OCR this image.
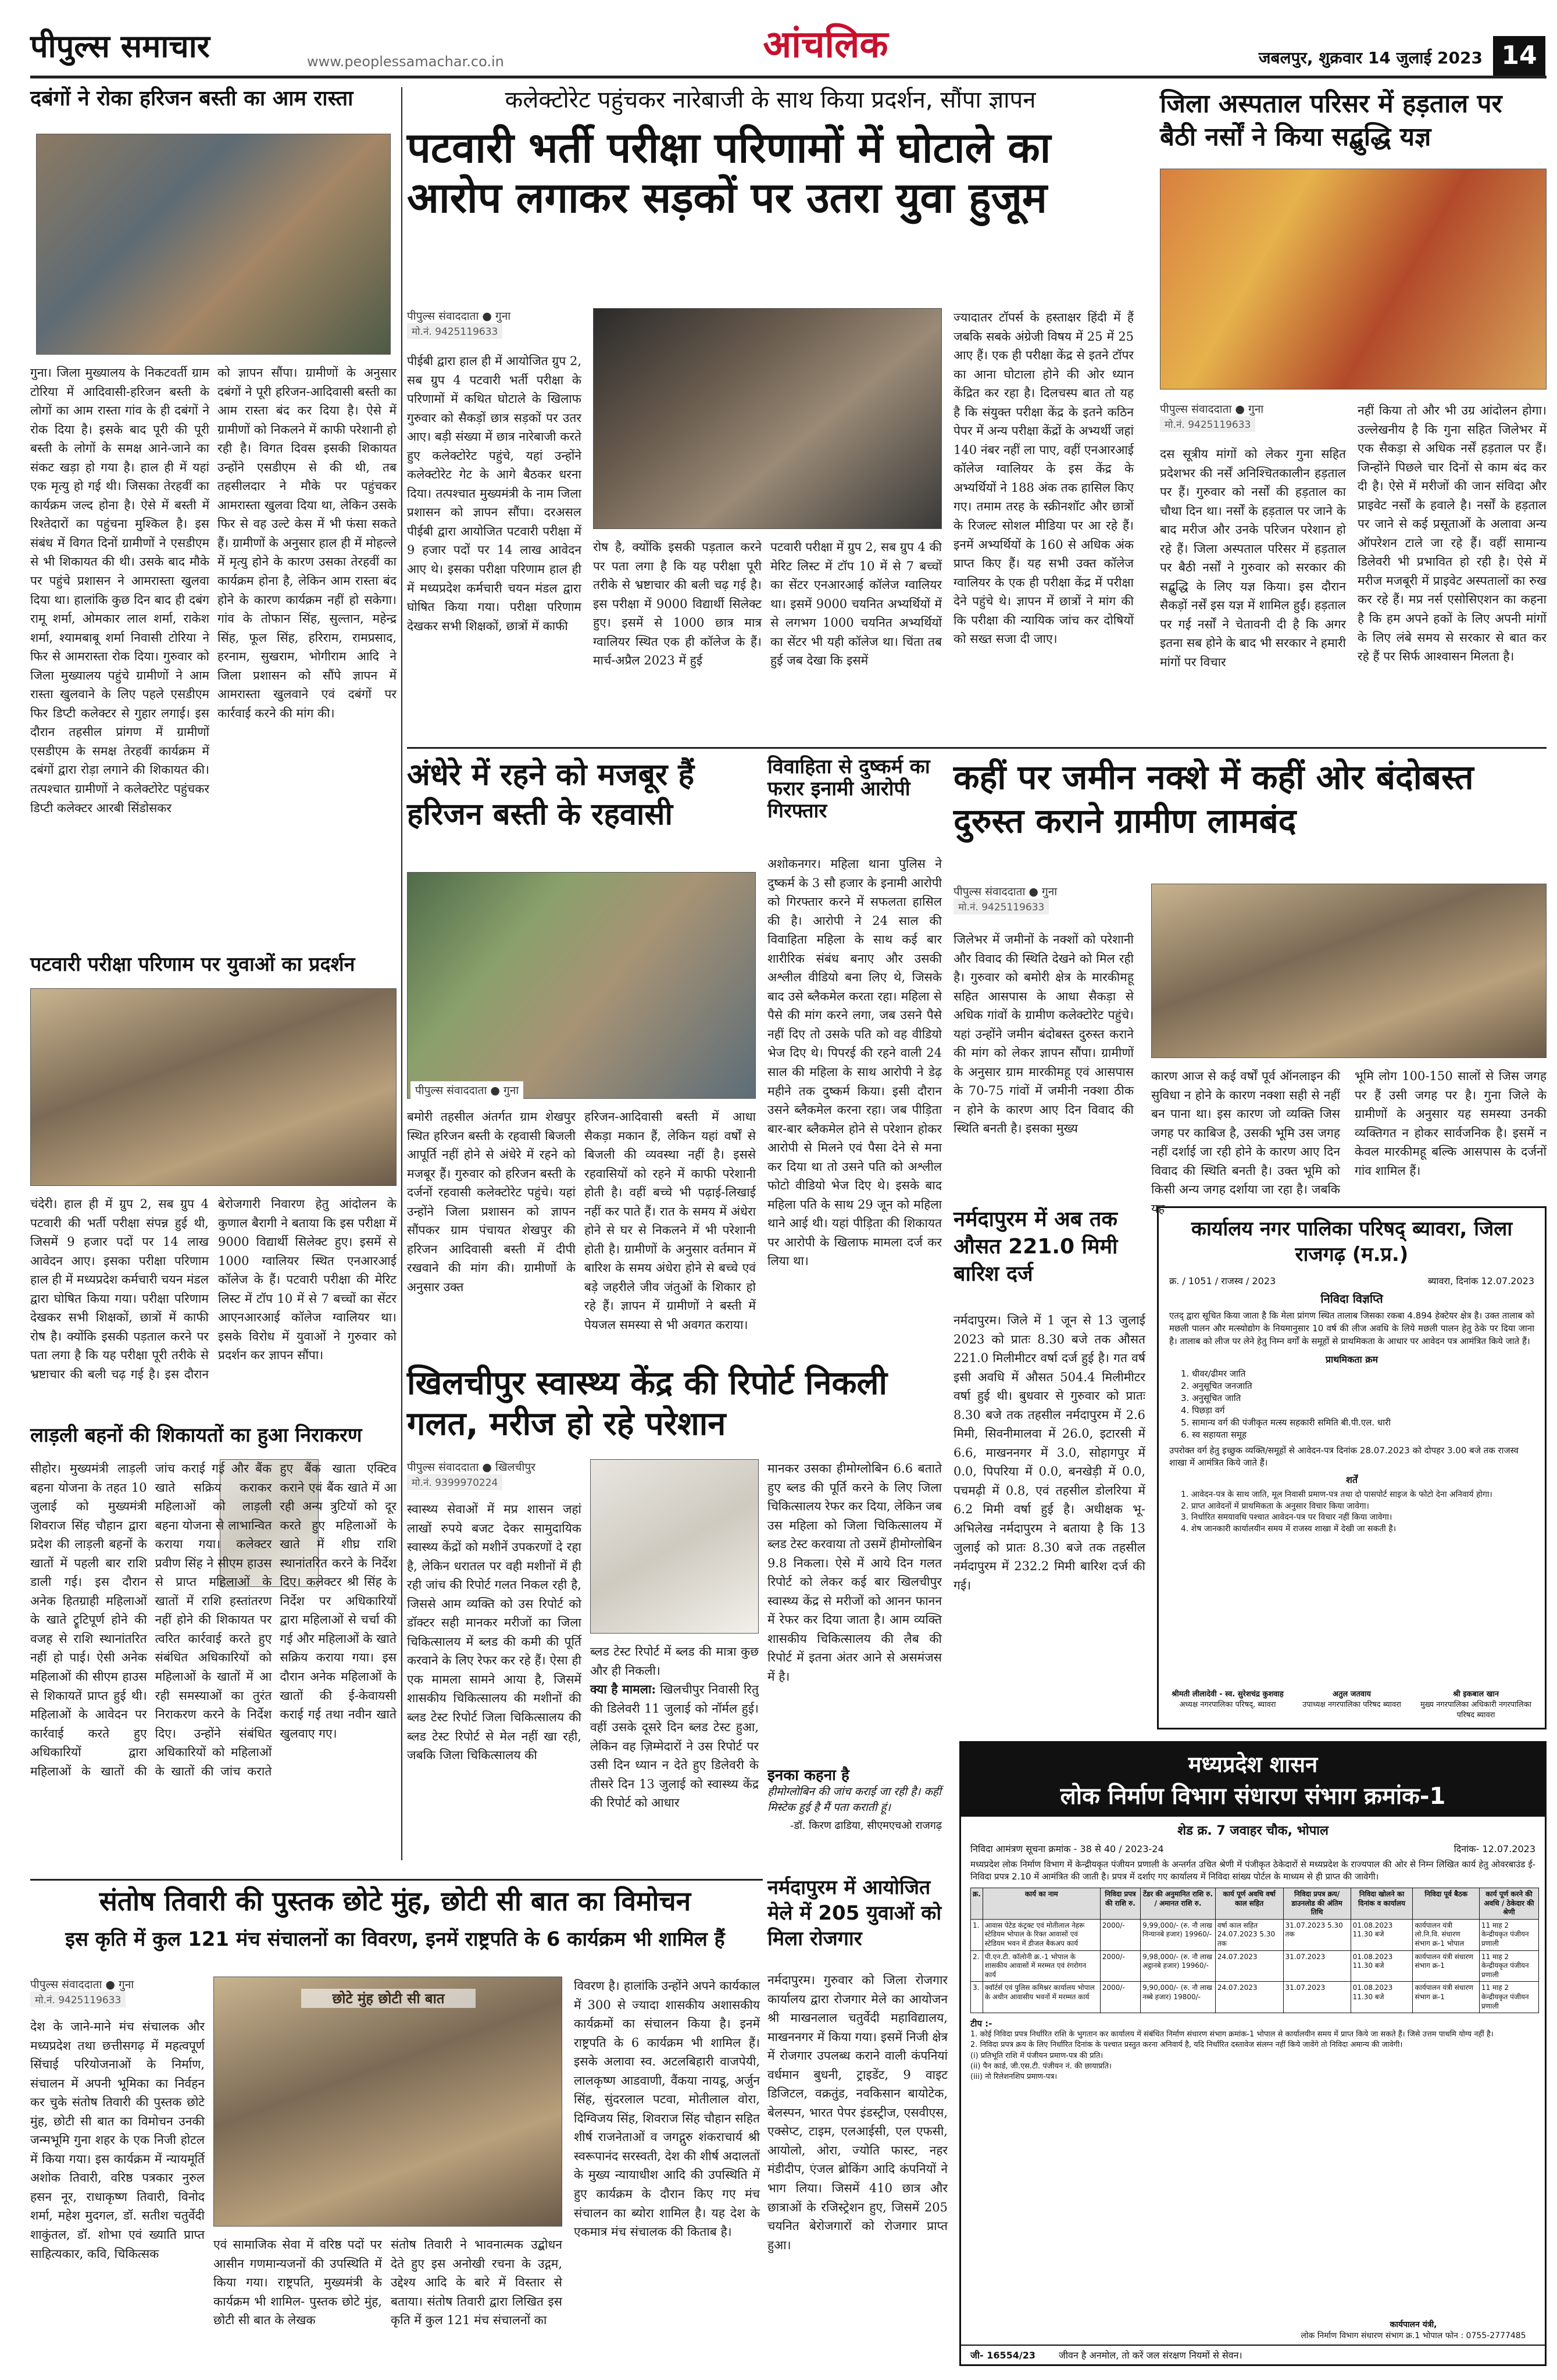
पीपुल्स समाचार	www.peoplessamachar.co.in	आंचलिक	जबलपुर, शुक्रवार 14 जुलाई 2023 14
दबंगों ने रोका हरिजन बस्ती का आम रास्ता
गुना। जिला मुख्यालय के निकटवर्ती ग्राम टोरिया में आदिवासी-हरिजन बस्ती के लोगों का आम रास्ता गांव के ही दबंगों ने रोक दिया है। इसके बाद पूरी की पूरी बस्ती के लोगों के समक्ष आने-जाने का संकट खड़ा हो गया है। हाल ही में यहां एक मृत्यु हो गई थी। जिसका तेरहवीं का कार्यक्रम जल्द होना है। ऐसे में बस्ती में रिश्तेदारों का पहुंचना मुश्किल है। इस संबंध में विगत दिनों ग्रामीणों ने एसडीएम से भी शिकायत की थी। उसके बाद मौके पर पहुंचे प्रशासन ने आमरास्ता खुलवा दिया था। हालांकि कुछ दिन बाद ही दबंग रामू शर्मा, ओमकार लाल शर्मा, राकेश शर्मा, श्यामबाबू शर्मा निवासी टोरिया ने फिर से आमरास्ता रोक दिया। गुरुवार को जिला मुख्यालय पहुंचे ग्रामीणों ने आम रास्ता खुलवाने के लिए पहले एसडीएम फिर डिप्टी कलेक्टर से गुहार लगाई। इस दौरान तहसील प्रांगण में ग्रामीणों एसडीएम के समक्ष तेरहवीं कार्यक्रम में दबंगों द्वारा रोड़ा लगाने की शिकायत की। तत्पश्चात ग्रामीणों ने कलेक्टोरेट पहुंचकर डिप्टी कलेक्टर आरबी सिंडोसकर
को ज्ञापन सौंपा। ग्रामीणों के अनुसार दबंगों ने पूरी हरिजन-आदिवासी बस्ती का आम रास्ता बंद कर दिया है। ऐसे में ग्रामीणों को निकलने में काफी परेशानी हो रही है। विगत दिवस इसकी शिकायत उन्होंने एसडीएम से की थी, तब तहसीलदार ने मौके पर पहुंचकर आमरास्ता खुलवा दिया था, लेकिन उसके फिर से वह उल्टे केस में भी फंसा सकते हैं। ग्रामीणों के अनुसार हाल ही में मोहल्ले में मृत्यु होने के कारण उसका तेरहवीं का कार्यक्रम होना है, लेकिन आम रास्ता बंद होने के कारण कार्यक्रम नहीं हो सकेगा। गांव के तोफान सिंह, सुल्तान, महेन्द्र सिंह, फूल सिंह, हरिराम, रामप्रसाद, हरनाम, सुखराम, भोगीराम आदि ने जिला प्रशासन को सौंपे ज्ञापन में आमरास्ता खुलवाने एवं दबंगों पर कार्रवाई करने की मांग की।
पटवारी परीक्षा परिणाम पर युवाओं का प्रदर्शन
चंदेरी। हाल ही में ग्रुप 2, सब ग्रुप 4 पटवारी की भर्ती परीक्षा संपन्न हुई थी, जिसमें 9 हजार पदों पर 14 लाख आवेदन आए। इसका परीक्षा परिणाम हाल ही में मध्यप्रदेश कर्मचारी चयन मंडल द्वारा घोषित किया गया। परीक्षा परिणाम देखकर सभी शिक्षकों, छात्रों में काफी रोष है। क्योंकि इसकी पड़ताल करने पर पता लगा है कि यह परीक्षा पूरी तरीके से भ्रष्टाचार की बली चढ़ गई है। इस दौरान बेरोजगारी निवारण हेतु आंदोलन के कुणाल बैरागी ने बताया कि इस परीक्षा में 9000 विद्यार्थी सिलेक्ट हुए। इसमें से 1000 ग्वालियर स्थित एनआरआई कॉलेज के हैं। पटवारी परीक्षा की मेरिट लिस्ट में टॉप 10 में से 7 बच्चों का सेंटर आएनआरआई कॉलेज ग्वालियर था। इसके विरोध में युवाओं ने गुरुवार को प्रदर्शन कर ज्ञापन सौंपा।
लाड़ली बहनों की शिकायतों का हुआ निराकरण
सीहोर। मुख्यमंत्री लाड़ली बहना योजना के तहत 10 जुलाई को मुख्यमंत्री शिवराज सिंह चौहान द्वारा प्रदेश की लाड़ली बहनों के खातों में पहली बार राशि डाली गई। इस दौरान अनेक हितग्राही महिलाओं के खाते ट्रूटिपूर्ण होने की वजह से राशि स्थानांतरित नहीं हो पाई। ऐसी अनेक महिलाओं की सीएम हाउस से शिकायतें प्राप्त हुई थी। महिलाओं के आवेदन पर कार्रवाई करते हुए अधिकारियों द्वारा महिलाओं के खातों की जांच कराई गई और बैंक खाते सक्रिय कराकर महिलाओं को लाड़ली बहना योजना से लाभान्वित कराया गया। कलेक्टर प्रवीण सिंह ने सीएम हाउस से प्राप्त महिलाओं के खातों में राशि हस्तांतरण नहीं होने की शिकायत पर त्वरित कार्रवाई करते हुए संबंधित अधिकारियों को महिलाओं के खातों में आ रही समस्याओं का तुरंत निराकरण करने के निर्देश दिए। उन्होंने संबंधित अधिकारियों को महिलाओं के खातों की जांच कराते हुए बैंक खाता एक्टिव कराने एवं बैंक खाते में आ रही अन्य त्रुटियों को दूर करते हुए महिलाओं के खाते में शीघ्र राशि स्थानांतरित करने के निर्देश दिए। कलेक्टर श्री सिंह के निर्देश पर अधिकारियों द्वारा महिलाओं से चर्चा की गई और महिलाओं के खाते सक्रिय कराया गया। इस दौरान अनेक महिलाओं के खातों की ई-केवायसी कराई गई तथा नवीन खाते खुलवाए गए।
कलेक्टोरेट पहुंचकर नारेबाजी के साथ किया प्रदर्शन, सौंपा ज्ञापन
पटवारी भर्ती परीक्षा परिणामों में घोटाले का आरोप लगाकर सड़कों पर उतरा युवा हुजूम
पीपुल्स संवाददाता ● गुना
मो.नं. 9425119633
पीईबी द्वारा हाल ही में आयोजित ग्रुप 2, सब ग्रुप 4 पटवारी भर्ती परीक्षा के परिणामों में कथित घोटाले के खिलाफ गुरुवार को सैकड़ों छात्र सड़कों पर उतर आए। बड़ी संख्या में छात्र नारेबाजी करते हुए कलेक्टोरेट पहुंचे, यहां उन्होंने कलेक्टोरेट गेट के आगे बैठकर धरना दिया। तत्पश्चात मुख्यमंत्री के नाम जिला प्रशासन को ज्ञापन सौंपा। दरअसल पीईबी द्वारा आयोजित पटवारी परीक्षा में 9 हजार पदों पर 14 लाख आवेदन आए थे। इसका परीक्षा परिणाम हाल ही में मध्यप्रदेश कर्मचारी चयन मंडल द्वारा घोषित किया गया। परीक्षा परिणाम देखकर सभी शिक्षकों, छात्रों में काफी
रोष है, क्योंकि इसकी पड़ताल करने पर पता लगा है कि यह परीक्षा पूरी तरीके से भ्रष्टाचार की बली चढ़ गई है। इस परीक्षा में 9000 विद्यार्थी सिलेक्ट हुए। इसमें से 1000 छात्र मात्र ग्वालियर स्थित एक ही कॉलेज के हैं। मार्च-अप्रैल 2023 में हुई
पटवारी परीक्षा में ग्रुप 2, सब ग्रुप 4 की मेरिट लिस्ट में टॉप 10 में से 7 बच्चों का सेंटर एनआरआई कॉलेज ग्वालियर था। इसमें 9000 चयनित अभ्यर्थियों में से लगभग 1000 चयनित अभ्यर्थियों का सेंटर भी यही कॉलेज था। चिंता तब हुई जब देखा कि इसमें
ज्यादातर टॉपर्स के हस्ताक्षर हिंदी में हैं जबकि सबके अंग्रेजी विषय में 25 में 25 आए हैं। एक ही परीक्षा केंद्र से इतने टॉपर का आना घोटाला होने की ओर ध्यान केंद्रित कर रहा है। दिलचस्प बात तो यह है कि संयुक्त परीक्षा केंद्र के इतने कठिन पेपर में अन्य परीक्षा केंद्रों के अभ्यर्थी जहां 140 नंबर नहीं ला पाए, वहीं एनआरआई कॉलेज ग्वालियर के इस केंद्र के अभ्यर्थियों ने 188 अंक तक हासिल किए गए। तमाम तरह के स्क्रीनशॉट और छात्रों के रिजल्ट सोशल मीडिया पर आ रहे हैं। इनमें अभ्यर्थियों के 160 से अधिक अंक प्राप्त किए हैं। यह सभी उक्त कॉलेज ग्वालियर के एक ही परीक्षा केंद्र में परीक्षा देने पहुंचे थे। ज्ञापन में छात्रों ने मांग की कि परीक्षा की न्यायिक जांच कर दोषियों को सख्त सजा दी जाए।
जिला अस्पताल परिसर में हड़ताल पर बैठी नर्सों ने किया सद्बुद्धि यज्ञ
पीपुल्स संवाददाता ● गुना
मो.नं. 9425119633
दस सूत्रीय मांगों को लेकर गुना सहित प्रदेशभर की नर्सें अनिश्चितकालीन हड़ताल पर हैं। गुरुवार को नर्सों की हड़ताल का चौथा दिन था। नर्सों के हड़ताल पर जाने के बाद मरीज और उनके परिजन परेशान हो रहे हैं। जिला अस्पताल परिसर में हड़ताल पर बैठी नर्सों ने गुरुवार को सरकार की सद्बुद्धि के लिए यज्ञ किया। इस दौरान सैकड़ों नर्सें इस यज्ञ में शामिल हुईं। हड़ताल पर गई नर्सों ने चेतावनी दी है कि अगर इतना सब होने के बाद भी सरकार ने हमारी मांगों पर विचार
नहीं किया तो और भी उग्र आंदोलन होगा। उल्लेखनीय है कि गुना सहित जिलेभर में एक सैकड़ा से अधिक नर्सें हड़ताल पर हैं। जिन्होंने पिछले चार दिनों से काम बंद कर दी है। ऐसे में मरीजों की जान संविदा और प्राइवेट नर्सों के हवाले है। नर्सों के हड़ताल पर जाने से कई प्रसूताओं के अलावा अन्य ऑपरेशन टाले जा रहे हैं। वहीं सामान्य डिलेवरी भी प्रभावित हो रही है। ऐसे में मरीज मजबूरी में प्राइवेट अस्पतालों का रुख कर रहे हैं। मप्र नर्स एसोसिएशन का कहना है कि हम अपने हकों के लिए अपनी मांगों के लिए लंबे समय से सरकार से बात कर रहे हैं पर सिर्फ आश्वासन मिलता है।
अंधेरे में रहने को मजबूर हैं हरिजन बस्ती के रहवासी
पीपुल्स संवाददाता ● गुना
बमोरी तहसील अंतर्गत ग्राम शेखपुर स्थित हरिजन बस्ती के रहवासी बिजली आपूर्ति नहीं होने से अंधेरे में रहने को मजबूर हैं। गुरुवार को हरिजन बस्ती के दर्जनों रहवासी कलेक्टोरेट पहुंचे। यहां उन्होंने जिला प्रशासन को ज्ञापन सौंपकर ग्राम पंचायत शेखपुर की हरिजन आदिवासी बस्ती में दीपी रखवाने की मांग की। ग्रामीणों के अनुसार उक्त
हरिजन-आदिवासी बस्ती में आधा सैकड़ा मकान हैं, लेकिन यहां वर्षों से बिजली की व्यवस्था नहीं है। इससे रहवासियों को रहने में काफी परेशानी होती है। वहीं बच्चे भी पढ़ाई-लिखाई नहीं कर पाते हैं। रात के समय में अंधेरा होने से घर से निकलने में भी परेशानी होती है। ग्रामीणों के अनुसार वर्तमान में बारिश के समय अंधेरा होने से बच्चे एवं बड़े जहरीले जीव जंतुओं के शिकार हो रहे हैं। ज्ञापन में ग्रामीणों ने बस्ती में पेयजल समस्या से भी अवगत कराया।
विवाहिता से दुष्कर्म का फरार इनामी आरोपी गिरफ्तार
अशोकनगर। महिला थाना पुलिस ने दुष्कर्म के 3 सौ हजार के इनामी आरोपी को गिरफ्तार करने में सफलता हासिल की है। आरोपी ने 24 साल की विवाहिता महिला के साथ कई बार शारीरिक संबंध बनाए और उसकी अश्लील वीडियो बना लिए थे, जिसके बाद उसे ब्लैकमेल करता रहा। महिला से पैसे की मांग करने लगा, जब उसने पैसे नहीं दिए तो उसके पति को वह वीडियो भेज दिए थे। पिपरई की रहने वाली 24 साल की महिला के साथ आरोपी ने डेढ़ महीने तक दुष्कर्म किया। इसी दौरान उसने ब्लैकमेल करना रहा। जब पीड़िता बार-बार ब्लैकमेल होने से परेशान होकर आरोपी से मिलने एवं पैसा देने से मना कर दिया था तो उसने पति को अश्लील फोटो वीडियो भेज दिए थे। इसके बाद महिला पति के साथ 29 जून को महिला थाने आई थी। यहां पीड़िता की शिकायत पर आरोपी के खिलाफ मामला दर्ज कर लिया था।
कहीं पर जमीन नक्शे में कहीं ओर बंदोबस्त दुरुस्त कराने ग्रामीण लामबंद
पीपुल्स संवाददाता ● गुना
मो.नं. 9425119633
जिलेभर में जमीनों के नक्शों को परेशानी और विवाद की स्थिति देखने को मिल रही है। गुरुवार को बमोरी क्षेत्र के मारकीमहू सहित आसपास के आधा सैकड़ा से अधिक गांवों के ग्रामीण कलेक्टोरेट पहुंचे। यहां उन्होंने जमीन बंदोबस्त दुरुस्त कराने की मांग को लेकर ज्ञापन सौंपा। ग्रामीणों के अनुसार ग्राम मारकीमहू एवं आसपास के 70-75 गांवों में जमीनी नक्शा ठीक न होने के कारण आए दिन विवाद की स्थिति बनती है। इसका मुख्य
कारण आज से कई वर्षों पूर्व ऑनलाइन की सुविधा न होने के कारण नक्शा सही से नहीं बन पाना था। इस कारण जो व्यक्ति जिस जगह पर काबिज है, उसकी भूमि उस जगह नहीं दर्शाई जा रही होने के कारण आए दिन विवाद की स्थिति बनती है। उक्त भूमि को किसी अन्य जगह दर्शाया जा रहा है। जबकि यह
भूमि लोग 100-150 सालों से जिस जगह पर हैं उसी जगह पर है। गुना जिले के ग्रामीणों के अनुसार यह समस्या उनकी व्यक्तिगत न होकर सार्वजनिक है। इसमें न केवल मारकीमहू बल्कि आसपास के दर्जनों गांव शामिल हैं।
नर्मदापुरम में अब तक औसत 221.0 मिमी बारिश दर्ज
नर्मदापुरम। जिले में 1 जून से 13 जुलाई 2023 को प्रातः 8.30 बजे तक औसत 221.0 मिलीमीटर वर्षा दर्ज हुई है। गत वर्ष इसी अवधि में औसत 504.4 मिलीमीटर वर्षा हुई थी। बुधवार से गुरुवार को प्रातः 8.30 बजे तक तहसील नर्मदापुरम में 2.6 मिमी, सिवनीमालवा में 26.0, इटारसी में 6.6, माखननगर में 3.0, सोहागपुर में 0.0, पिपरिया में 0.0, बनखेड़ी में 0.0, पचमढ़ी में 0.8, एवं तहसील डोलरिया में 6.2 मिमी वर्षा हुई है। अधीक्षक भू-अभिलेख नर्मदापुरम ने बताया है कि 13 जुलाई को प्रातः 8.30 बजे तक तहसील नर्मदापुरम में 232.2 मिमी बारिश दर्ज की गई।
कार्यालय नगर पालिका परिषद् ब्यावरा, जिला राजगढ़ (म.प्र.)
क्र. / 1051 / राजस्व / 2023	ब्यावरा, दिनांक 12.07.2023
निविदा विज्ञप्ति
एतद् द्वारा सूचित किया जाता है कि मेला प्रांगण स्थित तालाब जिसका रकबा 4.894 हेक्टेयर क्षेत्र है। उक्त तालाब को मछली पालन और मत्स्योद्योग के नियमानुसार 10 वर्ष की लीज अवधि के लिये मछली पालन हेतु ठेके पर दिया जाना है। तालाब को लीज पर लेने हेतु निम्न वर्गों के समूहों से प्राथमिकता के आधार पर आवेदन पत्र आमंत्रित किये जाते हैं।
प्राथमिकता क्रम
1. धीवर/ढीमर जाति
2. अनुसूचित जनजाति
3. अनुसूचित जाति
4. पिछड़ा वर्ग
5. सामान्य वर्ग की पंजीकृत मत्स्य सहकारी समिति बी.पी.एल. धारी
6. स्व सहायता समूह
उपरोक्त वर्ग हेतु इच्छुक व्यक्ति/समूहों से आवेदन-पत्र दिनांक 28.07.2023 को दोपहर 3.00 बजे तक राजस्व शाखा में आमंत्रित किये जाते हैं।
शर्तें
1. आवेदन-पत्र के साथ जाति, मूल निवासी प्रमाण-पत्र तथा दो पासपोर्ट साइज के फोटो देना अनिवार्य होगा।
2. प्राप्त आवेदनों में प्राथमिकता के अनुसार विचार किया जावेगा।
3. निर्धारित समयावधि पश्चात आवेदन-पत्र पर विचार नहीं किया जावेगा।
4. शेष जानकारी कार्यालयीन समय में राजस्व शाखा में देखी जा सकती है।
श्रीमती लीलादेवी - स्व. सुरेशचंद्र कुशवाह
अध्यक्ष नगरपालिका परिषद्, ब्यावरा
अतुल जतवाय
उपाध्यक्ष नगरपालिका परिषद ब्यावरा
श्री इकबाल खान
मुख्य नगरपालिका अधिकारी नगरपालिका परिषद ब्यावरा
खिलचीपुर स्वास्थ्य केंद्र की रिपोर्ट निकली गलत, मरीज हो रहे परेशान
पीपुल्स संवाददाता ● खिलचीपुर
मो.नं. 9399970224
स्वास्थ्य सेवाओं में मप्र शासन जहां लाखों रुपये बजट देकर सामुदायिक स्वास्थ्य केंद्रों को मशीनें उपकरणों दे रहा है, लेकिन धरातल पर वही मशीनों में ही रही जांच की रिपोर्ट गलत निकल रही है, जिससे आम व्यक्ति को उस रिपोर्ट को डॉक्टर सही मानकर मरीजों का जिला चिकित्सालय में ब्लड की कमी की पूर्ति करवाने के लिए रेफर कर रहे हैं। ऐसा ही एक मामला सामने आया है, जिसमें शासकीय चिकित्सालय की मशीनों की ब्लड टेस्ट रिपोर्ट जिला चिकित्सालय की ब्लड टेस्ट रिपोर्ट से मेल नहीं खा रही, जबकि जिला चिकित्सालय की
ब्लड टेस्ट रिपोर्ट में ब्लड की मात्रा कुछ और ही निकली।
क्या है मामला: खिलचीपुर निवासी रितु की डिलेवरी 11 जुलाई को नॉर्मल हुई। वहीं उसके दूसरे दिन ब्लड टेस्ट हुआ, लेकिन वह ज़िम्मेदारों ने उस रिपोर्ट पर उसी दिन ध्यान न देते हुए डिलेवरी के तीसरे दिन 13 जुलाई को स्वास्थ्य केंद्र की रिपोर्ट को आधार
मानकर उसका हीमोग्लोबिन 6.6 बताते हुए ब्लड की पूर्ति करने के लिए जिला चिकित्सालय रेफर कर दिया, लेकिन जब उस महिला को जिला चिकित्सालय में ब्लड टेस्ट करवाया तो उसमें हीमोग्लोबिन 9.8 निकला। ऐसे में आये दिन गलत रिपोर्ट को लेकर कई बार खिलचीपुर स्वास्थ्य केंद्र से मरीजों को आनन फानन में रेफर कर दिया जाता है। आम व्यक्ति शासकीय चिकित्सालय की लैब की रिपोर्ट में इतना अंतर आने से असमंजस में है।
इनका कहना है
हीमोग्लोबिन की जांच कराई जा रही है। कहीं मिस्टेक हुई है मैं पता कराती हूं।
-डॉ. किरण ढाडिया, सीएमएचओ राजगढ़
नर्मदापुरम में आयोजित मेले में 205 युवाओं को मिला रोजगार
नर्मदापुरम। गुरुवार को जिला रोजगार कार्यालय द्वारा रोजगार मेले का आयोजन श्री माखनलाल चतुर्वेदी महाविद्यालय, माखननगर में किया गया। इसमें निजी क्षेत्र में रोजगार उपलब्ध कराने वाली कंपनियां वर्धमान बुधनी, ट्राइडेंट, 9 वाइट डिजिटल, वक्रतुंड, नवकिसान बायोटेक, बेलस्पन, भारत पेपर इंडस्ट्रीज, एसवीएस, एक्सेप्ट, टाइम, एलआईसी, एल एफसी, आयोलो, ओरा, ज्योति फास्ट, नहर मंडीदीप, एंजल ब्रोकिंग आदि कंपनियों ने भाग लिया। जिसमें 410 छात्र और छात्राओं के रजिस्ट्रेशन हुए, जिसमें 205 चयनित बेरोजगारों को रोजगार प्राप्त हुआ।
संतोष तिवारी की पुस्तक छोटे मुंह, छोटी सी बात का विमोचन
इस कृति में कुल 121 मंच संचालनों का विवरण, इनमें राष्ट्रपति के 6 कार्यक्रम भी शामिल हैं
पीपुल्स संवाददाता ● गुना
मो.नं. 9425119633
देश के जाने-माने मंच संचालक और मध्यप्रदेश तथा छत्तीसगढ़ में महत्वपूर्ण सिंचाई परियोजनाओं के निर्माण, संचालन में अपनी भूमिका का निर्वहन कर चुके संतोष तिवारी की पुस्तक छोटे मुंह, छोटी सी बात का विमोचन उनकी जन्मभूमि गुना शहर के एक निजी होटल में किया गया। इस कार्यक्रम में न्यायमूर्ति अशोक तिवारी, वरिष्ठ पत्रकार नुरुल हसन नूर, राधाकृष्ण तिवारी, विनोद शर्मा, महेश मुदगल, डॉ. सतीश चतुर्वेदी शाकुंतल, डॉ. शोभा एवं ख्याति प्राप्त साहित्यकार, कवि, चिकित्सक
छोटे मुंह छोटी सी बात
एवं सामाजिक सेवा में वरिष्ठ पदों पर आसीन गणमान्यजनों की उपस्थिति में किया गया। राष्ट्रपति, मुख्यमंत्री के कार्यक्रम भी शामिल- पुस्तक छोटे मुंह, छोटी सी बात के लेखक
संतोष तिवारी ने भावनात्मक उद्बोधन देते हुए इस अनोखी रचना के उद्गम, उद्देश्य आदि के बारे में विस्तार से बताया। संतोष तिवारी द्वारा लिखित इस कृति में कुल 121 मंच संचालनों का
विवरण है। हालांकि उन्होंने अपने कार्यकाल में 300 से ज्यादा शासकीय अशासकीय कार्यक्रमों का संचालन किया है। इनमें राष्ट्रपति के 6 कार्यक्रम भी शामिल हैं। इसके अलावा स्व. अटलबिहारी वाजपेयी, लालकृष्ण आडवाणी, वैंकया नायडू, अर्जुन सिंह, सुंदरलाल पटवा, मोतीलाल वोरा, दिग्विजय सिंह, शिवराज सिंह चौहान सहित शीर्ष राजनेताओं व जगद्गुरु शंकराचार्य श्री स्वरूपानंद सरस्वती, देश की शीर्ष अदालतों के मुख्य न्यायाधीश आदि की उपस्थिति में हुए कार्यक्रम के दौरान किए गए मंच संचालन का ब्योरा शामिल है। यह देश के एकमात्र मंच संचालक की किताब है।
मध्यप्रदेश शासन
लोक निर्माण विभाग संधारण संभाग क्रमांक-1
शेड क्र. 7 जवाहर चौक, भोपाल
निविदा आमंत्रण सूचना क्रमांक - 38 से 40 / 2023-24	दिनांक- 12.07.2023
मध्यप्रदेश लोक निर्माण विभाग में केन्द्रीयकृत पंजीयन प्रणाली के अन्तर्गत उचित श्रेणी में पंजीकृत ठेकेदारों से मध्यप्रदेश के राज्यपाल की ओर से निम्न लिखित कार्य हेतु ओवरबाउंड ई-निविदा प्रपत्र 2.10 में आमंत्रित की जाती है। प्रपत्र में दर्शाए गए कार्यालय में निविदा सांख्य पोर्टल के माध्यम से ही प्राप्त की जावेगी।
क्र.	कार्य का नाम	निविदा प्रपत्र की राशि रु.	टेंडर की अनुमानित राशि रु. / अमानत राशि रु.	कार्य पूर्ण अवधि वर्षा काल सहित	निविदा प्रपत्र क्रय/डाउनलोड की अंतिम तिथि	निविदा खोलने का दिनांक व कार्यालय	निविदा पूर्व बैठक	कार्य पूर्ण करने की अवधि / ठेकेदार की श्रेणी
1.	आवास पेटेड कंट्रक्ट एवं मोतीलाल नेहरू स्टेडियम भोपाल के रिक्त आवासों एवं स्टेडियम भवन में डीजल बैकअप कार्य	2000/-	9,99,000/- (रु. नौ लाख निन्यानबे हजार) 19960/-	वर्षा काल सहित 24.07.2023 5.30 तक	31.07.2023 5.30 तक	01.08.2023 11.30 बजे	कार्यपालन यंत्री लो.नि.वि. संधारण संभाग क्र-1 भोपाल	11 माह 2 केन्द्रीयकृत पंजीयन प्रणाली
2.	पी.एन.टी. कॉलोनी क्र.-1 भोपाल के शासकीय आवासों में मरम्मत एवं रंगरोगन कार्य	2000/-	9,98,000/- (रु. नौ लाख अट्ठानबे हजार) 19960/-	24.07.2023	31.07.2023	01.08.2023 11.30 बजे	कार्यपालन यंत्री संधारण संभाग क्र-1	11 माह 2 केन्द्रीयकृत पंजीयन प्रणाली
3.	क्वॉर्टर्स एवं पुलिस कमिश्नर कार्यालय भोपाल के अधीन आवासीय भवनों में मरम्मत कार्य	2000/-	9,90,000/- (रु. नौ लाख नब्बे हजार) 19800/-	24.07.2023	31.07.2023	01.08.2023 11.30 बजे	कार्यपालन यंत्री संधारण संभाग क्र-1	11 माह 2 केन्द्रीयकृत पंजीयन प्रणाली
टीप :-
1. कोई निविदा प्रपत्र निर्धारित राशि के भुगतान कर कार्यालय में संबंधित निर्माण संधारण संभाग क्रमांक-1 भोपाल से कार्यालयीन समय में प्राप्त किये जा सकते हैं। जिसे उत्तम पाथमि योग्य नहीं है।
2. निविदा प्रपत्र क्रय के लिए निर्धारित दिनांक के पश्चात प्रस्तुत करना अनिवार्य है, यदि निर्धारित दस्तावेज संलग्न नहीं किये जावेंगे तो निविदा अमान्य की जावेगी।
(i) प्रतिभूति राशि में पंजीयन प्रमाण-पत्र की प्रति।
(ii) पैन कार्ड, जी.एस.टी. पंजीयन नं. की छायाप्रति।
(iii) नो रिलेशनशिप प्रमाण-पत्र।
कार्यपालन यंत्री,
लोक निर्माण विभाग संधारण संभाग क्र.1 भोपाल फोन : 0755-2777485
जी- 16554/23	जीवन है अनमोल, तो करें जल संरक्षण नियमों से सेवन।
